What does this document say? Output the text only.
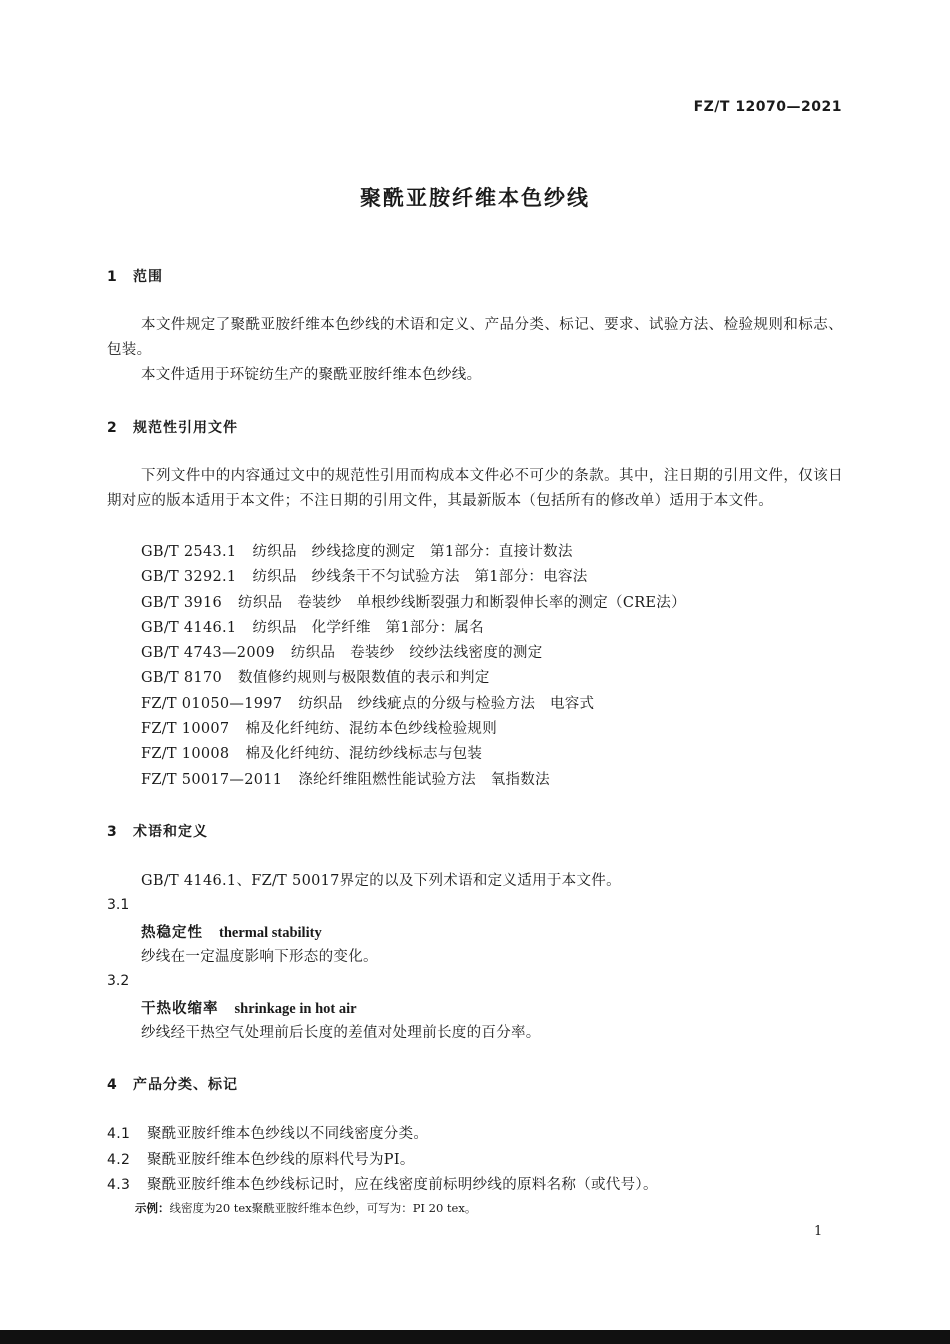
FZ/T 12070—2021
聚酰亚胺纤维本色纱线
1 范围
本文件规定了聚酰亚胺纤维本色纱线的术语和定义、产品分类、标记、要求、试验方法、检验规则和标志、包装。
本文件适用于环锭纺生产的聚酰亚胺纤维本色纱线。
2 规范性引用文件
下列文件中的内容通过文中的规范性引用而构成本文件必不可少的条款。其中，注日期的引用文件，仅该日期对应的版本适用于本文件；不注日期的引用文件，其最新版本（包括所有的修改单）适用于本文件。
GB/T 2543.1 纺织品　纱线捻度的测定　第1部分：直接计数法
GB/T 3292.1 纺织品　纱线条干不匀试验方法　第1部分：电容法
GB/T 3916 纺织品　卷装纱　单根纱线断裂强力和断裂伸长率的测定（CRE法）
GB/T 4146.1 纺织品　化学纤维　第1部分：属名
GB/T 4743—2009 纺织品　卷装纱　绞纱法线密度的测定
GB/T 8170 数值修约规则与极限数值的表示和判定
FZ/T 01050—1997 纺织品　纱线疵点的分级与检验方法　电容式
FZ/T 10007 棉及化纤纯纺、混纺本色纱线检验规则
FZ/T 10008 棉及化纤纯纺、混纺纱线标志与包装
FZ/T 50017—2011 涤纶纤维阻燃性能试验方法　氧指数法
3 术语和定义
GB/T 4146.1、FZ/T 50017界定的以及下列术语和定义适用于本文件。
3.1
热稳定性 thermal stability
纱线在一定温度影响下形态的变化。
3.2
干热收缩率 shrinkage in hot air
纱线经干热空气处理前后长度的差值对处理前长度的百分率。
4 产品分类、标记
4.1 聚酰亚胺纤维本色纱线以不同线密度分类。
4.2 聚酰亚胺纤维本色纱线的原料代号为PI。
4.3 聚酰亚胺纤维本色纱线标记时，应在线密度前标明纱线的原料名称（或代号）。
示例：线密度为20 tex聚酰亚胺纤维本色纱，可写为：PI 20 tex。
1
